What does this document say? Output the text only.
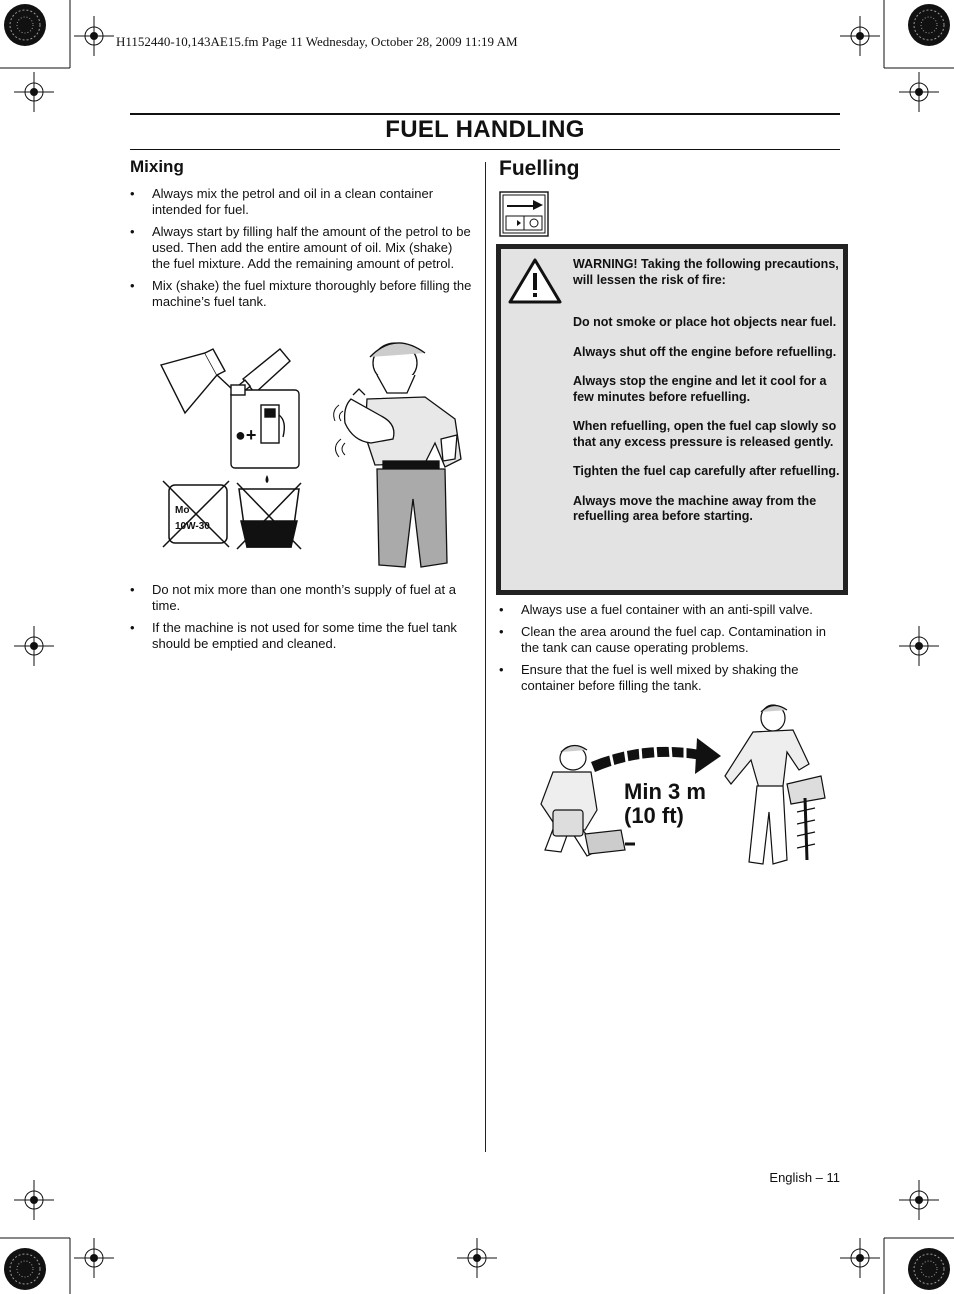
H1152440-10,143AE15.fm Page 11 Wednesday, October 28, 2009 11:19 AM
FUEL HANDLING
Mixing
• Always mix the petrol and oil in a clean container intended for fuel.
• Always start by filling half the amount of the petrol to be used. Then add the entire amount of oil. Mix (shake) the fuel mixture. Add the remaining amount of petrol.
• Mix (shake) the fuel mixture thoroughly before filling the machine’s fuel tank.
●+
Mo
10W-30
• Do not mix more than one month’s supply of fuel at a time.
• If the machine is not used for some time the fuel tank should be emptied and cleaned.
Fuelling

WARNING! Taking the following precautions, will lessen the risk of fire:

Do not smoke or place hot objects near fuel.

Always shut off the engine before refuelling.

Always stop the engine and let it cool for a few minutes before refuelling.

When refuelling, open the fuel cap slowly so that any excess pressure is released gently.

Tighten the fuel cap carefully after refuelling.

Always move the machine away from the refuelling area before starting.

• Always use a fuel container with an anti-spill valve.
• Clean the area around the fuel cap. Contamination in the tank can cause operating problems.
• Ensure that the fuel is well mixed by shaking the container before filling the tank.
Min 3 m
(10 ft)
English – 11
